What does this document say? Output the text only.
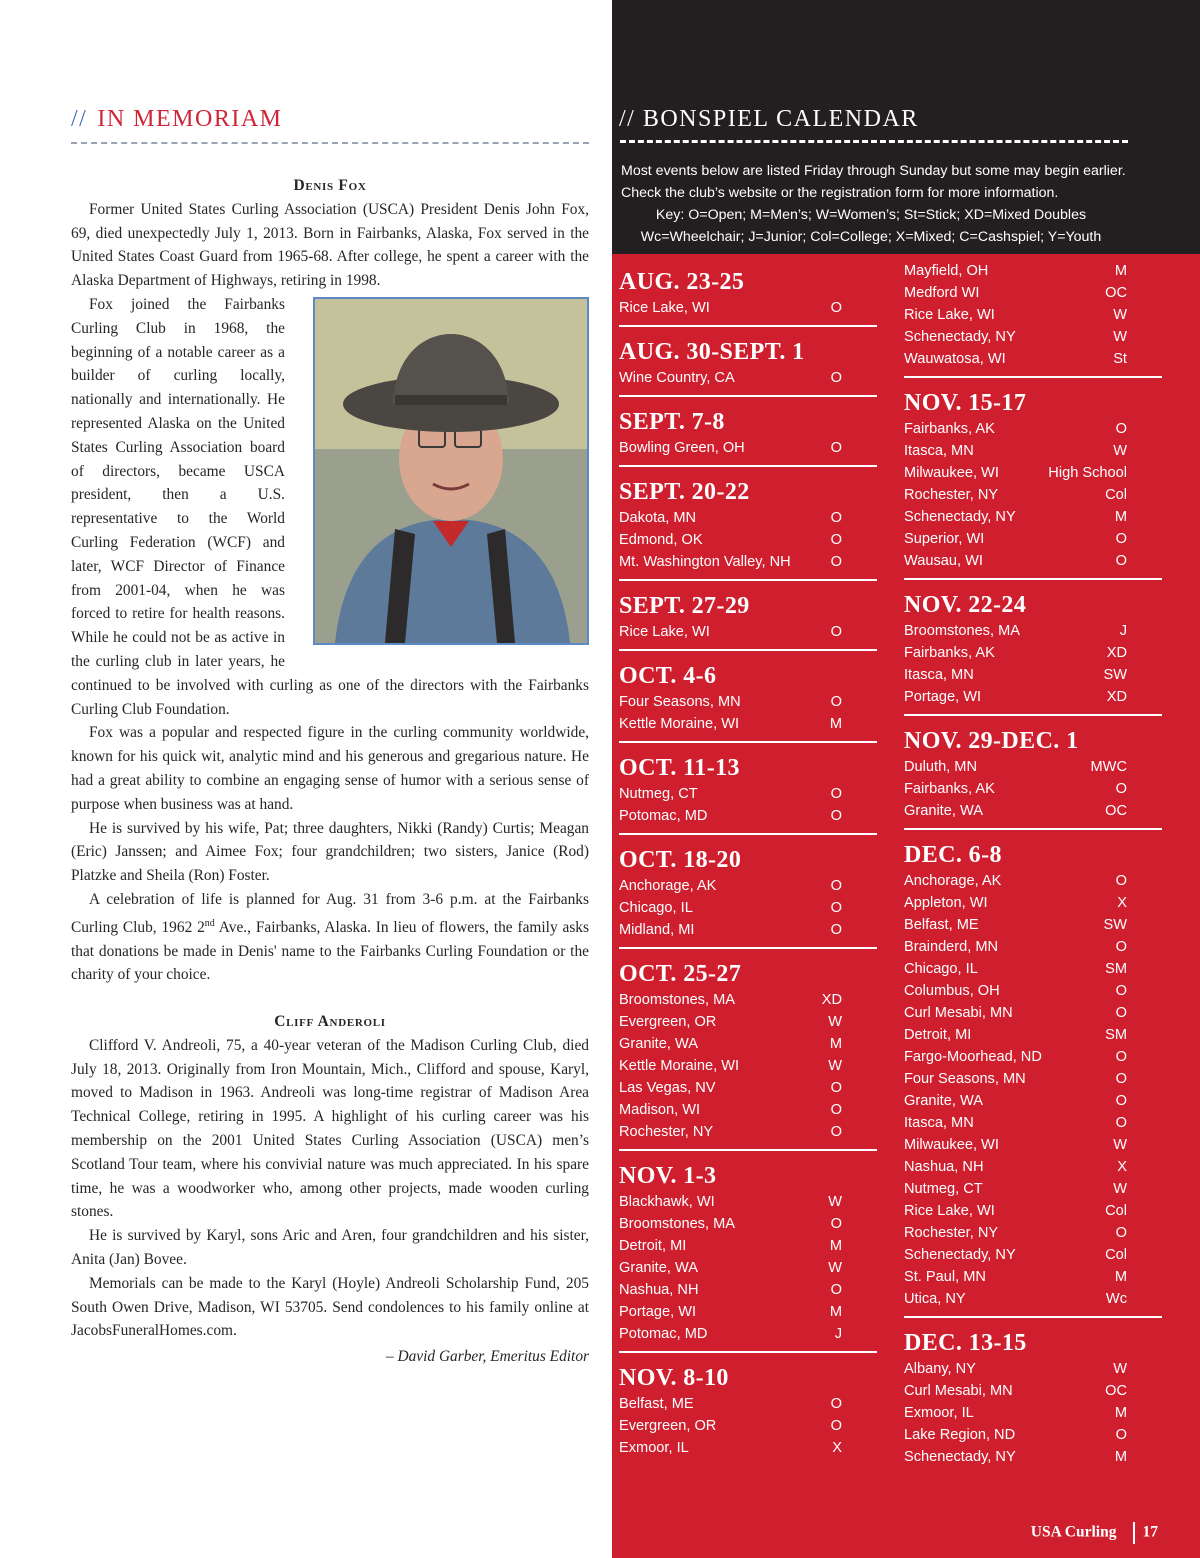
// IN MEMORIAM

Denis Fox

Former United States Curling Association (USCA) President Denis John Fox, 69, died unexpectedly July 1, 2013. Born in Fairbanks, Alaska, Fox served in the United States Coast Guard from 1965-68. After college, he spent a career with the Alaska Department of Highways, retiring in 1998.

Fox joined the Fairbanks Curling Club in 1968, the beginning of a notable career as a builder of curling locally, nationally and internationally. He represented Alaska on the United States Curling Association board of directors, became USCA president, then a U.S. representative to the World Curling Federation (WCF) and later, WCF Director of Finance from 2001-04, when he was forced to retire for health reasons. While he could not be as active in the curling club in later years, he continued to be involved with curling as one of the directors with the Fairbanks Curling Club Foundation.

Fox was a popular and respected figure in the curling community worldwide, known for his quick wit, analytic mind and his generous and gregarious nature. He had a great ability to combine an engaging sense of humor with a serious sense of purpose when business was at hand.

He is survived by his wife, Pat; three daughters, Nikki (Randy) Curtis; Meagan (Eric) Janssen; and Aimee Fox; four grandchildren; two sisters, Janice (Rod) Platzke and Sheila (Ron) Foster.

A celebration of life is planned for Aug. 31 from 3-6 p.m. at the Fairbanks Curling Club, 1962 2nd Ave., Fairbanks, Alaska. In lieu of flowers, the family asks that donations be made in Denis' name to the Fairbanks Curling Foundation or the charity of your choice.

Cliff Anderoli

Clifford V. Andreoli, 75, a 40-year veteran of the Madison Curling Club, died July 18, 2013. Originally from Iron Mountain, Mich., Clifford and spouse, Karyl, moved to Madison in 1963. Andreoli was long-time registrar of Madison Area Technical College, retiring in 1995. A highlight of his curling career was his membership on the 2001 United States Curling Association (USCA) men’s Scotland Tour team, where his convivial nature was much appreciated. In his spare time, he was a woodworker who, among other projects, made wooden curling stones.

He is survived by Karyl, sons Aric and Aren, four grandchildren and his sister, Anita (Jan) Bovee.

Memorials can be made to the Karyl (Hoyle) Andreoli Scholarship Fund, 205 South Owen Drive, Madison, WI 53705. Send condolences to his family online at JacobsFuneralHomes.com.

– David Garber, Emeritus Editor

// BONSPIEL CALENDAR
Most events below are listed Friday through Sunday but some may begin earlier.
Check the club’s website or the registration form for more information.
Key: O=Open; M=Men’s; W=Women’s; St=Stick; XD=Mixed Doubles
Wc=Wheelchair; J=Junior; Col=College; X=Mixed; C=Cashspiel; Y=Youth
AUG. 23-25
Rice Lake, WI	O
AUG. 30-SEPT. 1
Wine Country, CA	O
SEPT. 7-8
Bowling Green, OH	O
SEPT. 20-22
Dakota, MN	O
Edmond, OK	O
Mt. Washington Valley, NH	O
SEPT. 27-29
Rice Lake, WI	O
OCT. 4-6
Four Seasons, MN	O
Kettle Moraine, WI	M
OCT. 11-13
Nutmeg, CT	O
Potomac, MD	O
OCT. 18-20
Anchorage, AK	O
Chicago, IL	O
Midland, MI	O
OCT. 25-27
Broomstones, MA	XD
Evergreen, OR	W
Granite, WA	M
Kettle Moraine, WI	W
Las Vegas, NV	O
Madison, WI	O
Rochester, NY	O
NOV. 1-3
Blackhawk, WI	W
Broomstones, MA	O
Detroit, MI	M
Granite, WA	W
Nashua, NH	O
Portage, WI	M
Potomac, MD	J
NOV. 8-10
Belfast, ME	O
Evergreen, OR	O
Exmoor, IL	X
Mayfield, OH	M
Medford WI	OC
Rice Lake, WI	W
Schenectady, NY	W
Wauwatosa, WI	St
NOV. 15-17
Fairbanks, AK	O
Itasca, MN	W
Milwaukee, WI	High School
Rochester, NY	Col
Schenectady, NY	M
Superior, WI	O
Wausau, WI	O
NOV. 22-24
Broomstones, MA	J
Fairbanks, AK	XD
Itasca, MN	SW
Portage, WI	XD
NOV. 29-DEC. 1
Duluth, MN	MWC
Fairbanks, AK	O
Granite, WA	OC
DEC. 6-8
Anchorage, AK	O
Appleton, WI	X
Belfast, ME	SW
Brainderd, MN	O
Chicago, IL	SM
Columbus, OH	O
Curl Mesabi, MN	O
Detroit, MI	SM
Fargo-Moorhead, ND	O
Four Seasons, MN	O
Granite, WA	O
Itasca, MN	O
Milwaukee, WI	W
Nashua, NH	X
Nutmeg, CT	W
Rice Lake, WI	Col
Rochester, NY	O
Schenectady, NY	Col
St. Paul, MN	M
Utica, NY	Wc
DEC. 13-15
Albany, NY	W
Curl Mesabi, MN	OC
Exmoor, IL	M
Lake Region, ND	O
Schenectady, NY	M
USA Curling 17
